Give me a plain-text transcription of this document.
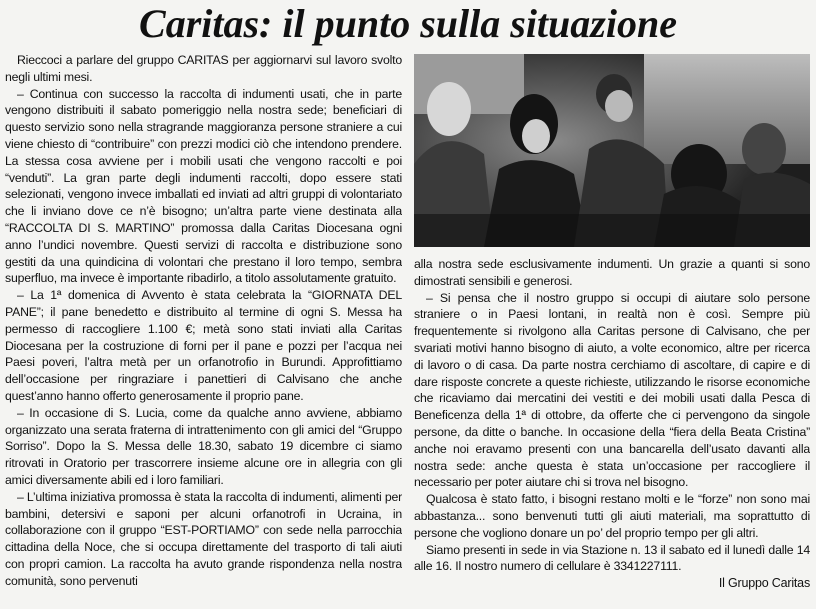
Caritas: il punto sulla situazione

Rieccoci a parlare del gruppo CARITAS per aggiornarvi sul lavoro svolto negli ultimi mesi.

– Continua con successo la raccolta di indumenti usati, che in parte vengono distribuiti il sabato pomeriggio nella nostra sede; beneficiari di questo servizio sono nella stragrande maggioranza persone straniere a cui viene chiesto di “contribuire” con prezzi modici ciò che intendono prendere. La stessa cosa avviene per i mobili usati che vengono raccolti e poi “venduti”. La gran parte degli indumenti raccolti, dopo essere stati selezionati, vengono invece imballati ed inviati ad altri gruppi di volontariato che li inviano dove ce n’è bisogno; un’altra parte viene destinata alla “RACCOLTA DI S. MARTINO” promossa dalla Caritas Diocesana ogni anno l’undici novembre. Questi servizi di raccolta e distribuzione sono gestiti da una quindicina di volontari che prestano il loro tempo, sembra superfluo, ma invece è importante ribadirlo, a titolo assolutamente gratuito.

– La 1ª domenica di Avvento è stata celebrata la “GIORNATA DEL PANE”; il pane benedetto e distribuito al termine di ogni S. Messa ha permesso di raccogliere 1.100 €; metà sono stati inviati alla Caritas Diocesana per la costruzione di forni per il pane e pozzi per l’acqua nei Paesi poveri, l’altra metà per un orfanotrofio in Burundi. Approfittiamo dell’occasione per ringraziare i panettieri di Calvisano che anche quest’anno hanno offerto generosamente il proprio pane.

– In occasione di S. Lucia, come da qualche anno avviene, abbiamo organizzato una serata fraterna di intrattenimento con gli amici del “Gruppo Sorriso”. Dopo la S. Messa delle 18.30, sabato 19 dicembre ci siamo ritrovati in Oratorio per trascorrere insieme alcune ore in allegria con gli amici diversamente abili ed i loro familiari.

– L’ultima iniziativa promossa è stata la raccolta di indumenti, alimenti per bambini, detersivi e saponi per alcuni orfanotrofi in Ucraina, in collaborazione con il gruppo “EST-PORTIAMO” con sede nella parrocchia cittadina della Noce, che si occupa direttamente del trasporto di tali aiuti con propri camion. La raccolta ha avuto grande rispondenza nella nostra comunità, sono pervenuti

alla nostra sede esclusivamente indumenti. Un grazie a quanti si sono dimostrati sensibili e generosi.

– Si pensa che il nostro gruppo si occupi di aiutare solo persone straniere o in Paesi lontani, in realtà non è così. Sempre più frequentemente si rivolgono alla Caritas persone di Calvisano, che per svariati motivi hanno bisogno di aiuto, a volte economico, altre per ricerca di lavoro o di casa. Da parte nostra cerchiamo di ascoltare, di capire e di dare risposte concrete a queste richieste, utilizzando le risorse economiche che ricaviamo dai mercatini dei vestiti e dei mobili usati dalla Pesca di Beneficenza della 1ª di ottobre, da offerte che ci pervengono da singole persone, da ditte o banche. In occasione della “fiera della Beata Cristina” anche noi eravamo presenti con una bancarella dell’usato davanti alla nostra sede: anche questa è stata un’occasione per raccogliere il necessario per poter aiutare chi si trova nel bisogno.

Qualcosa è stato fatto, i bisogni restano molti e le “forze” non sono mai abbastanza... sono benvenuti tutti gli aiuti materiali, ma soprattutto di persone che vogliono donare un po’ del proprio tempo per gli altri.

Siamo presenti in sede in via Stazione n. 13 il sabato ed il lunedì dalle 14 alle 16. Il nostro numero di cellulare è 3341227111.

Il Gruppo Caritas
